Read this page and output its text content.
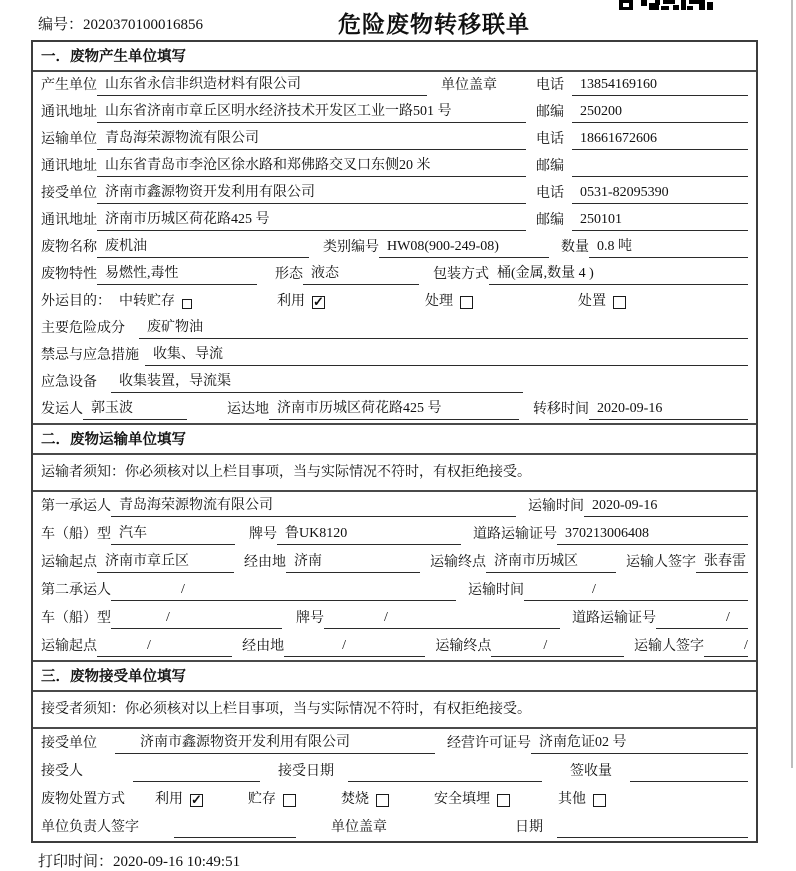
编号：2020370100016856	危险废物转移联单
一．废物产生单位填写
产生单位 山东省永信非织造材料有限公司	单位盖章	电话	13854169160
通讯地址 山东省济南市章丘区明水经济技术开发区工业一路501 号	邮编	250200
运输单位 青岛海荣源物流有限公司	电话	18661672606
通讯地址 山东省青岛市李沧区徐水路和郑佛路交叉口东侧20 米	邮编
接受单位 济南市鑫源物资开发利用有限公司	电话	0531-82095390
通讯地址 济南市历城区荷花路425 号	邮编	250101
废物名称 废机油	类别编号 HW08(900-249-08)	数量 0.8 吨
废物特性 易燃性,毒性	形态 液态	包装方式 桶(金属,数量 4 )
外运目的： 中转贮存	利用 ✓	处理	处置
主要危险成分	废矿物油
禁忌与应急措施	收集、导流
应急设备	收集装置，导流渠
发运人 郭玉波	运达地 济南市历城区荷花路425 号	转移时间 2020-09-16
二．废物运输单位填写
运输者须知：你必须核对以上栏目事项，当与实际情况不符时，有权拒绝接受。
第一承运人 青岛海荣源物流有限公司	运输时间 2020-09-16
车（船）型 汽车	牌号 鲁UK8120	道路运输证号 370213006408
运输起点 济南市章丘区	经由地 济南	运输终点 济南市历城区	运输人签字 张春雷
第二承运人	/	运输时间	/
车（船）型	/	牌号	/	道路运输证号	/
运输起点	/	经由地	/	运输终点	/	运输人签字	/
三．废物接受单位填写
接受者须知：你必须核对以上栏目事项，当与实际情况不符时，有权拒绝接受。
接受单位	济南市鑫源物资开发利用有限公司	经营许可证号 济南危证02 号
接受人	接受日期	签收量
废物处置方式 利用 ✓	贮存	焚烧	安全填埋	其他
单位负责人签字	单位盖章	日期
打印时间：2020-09-16 10:49:51
